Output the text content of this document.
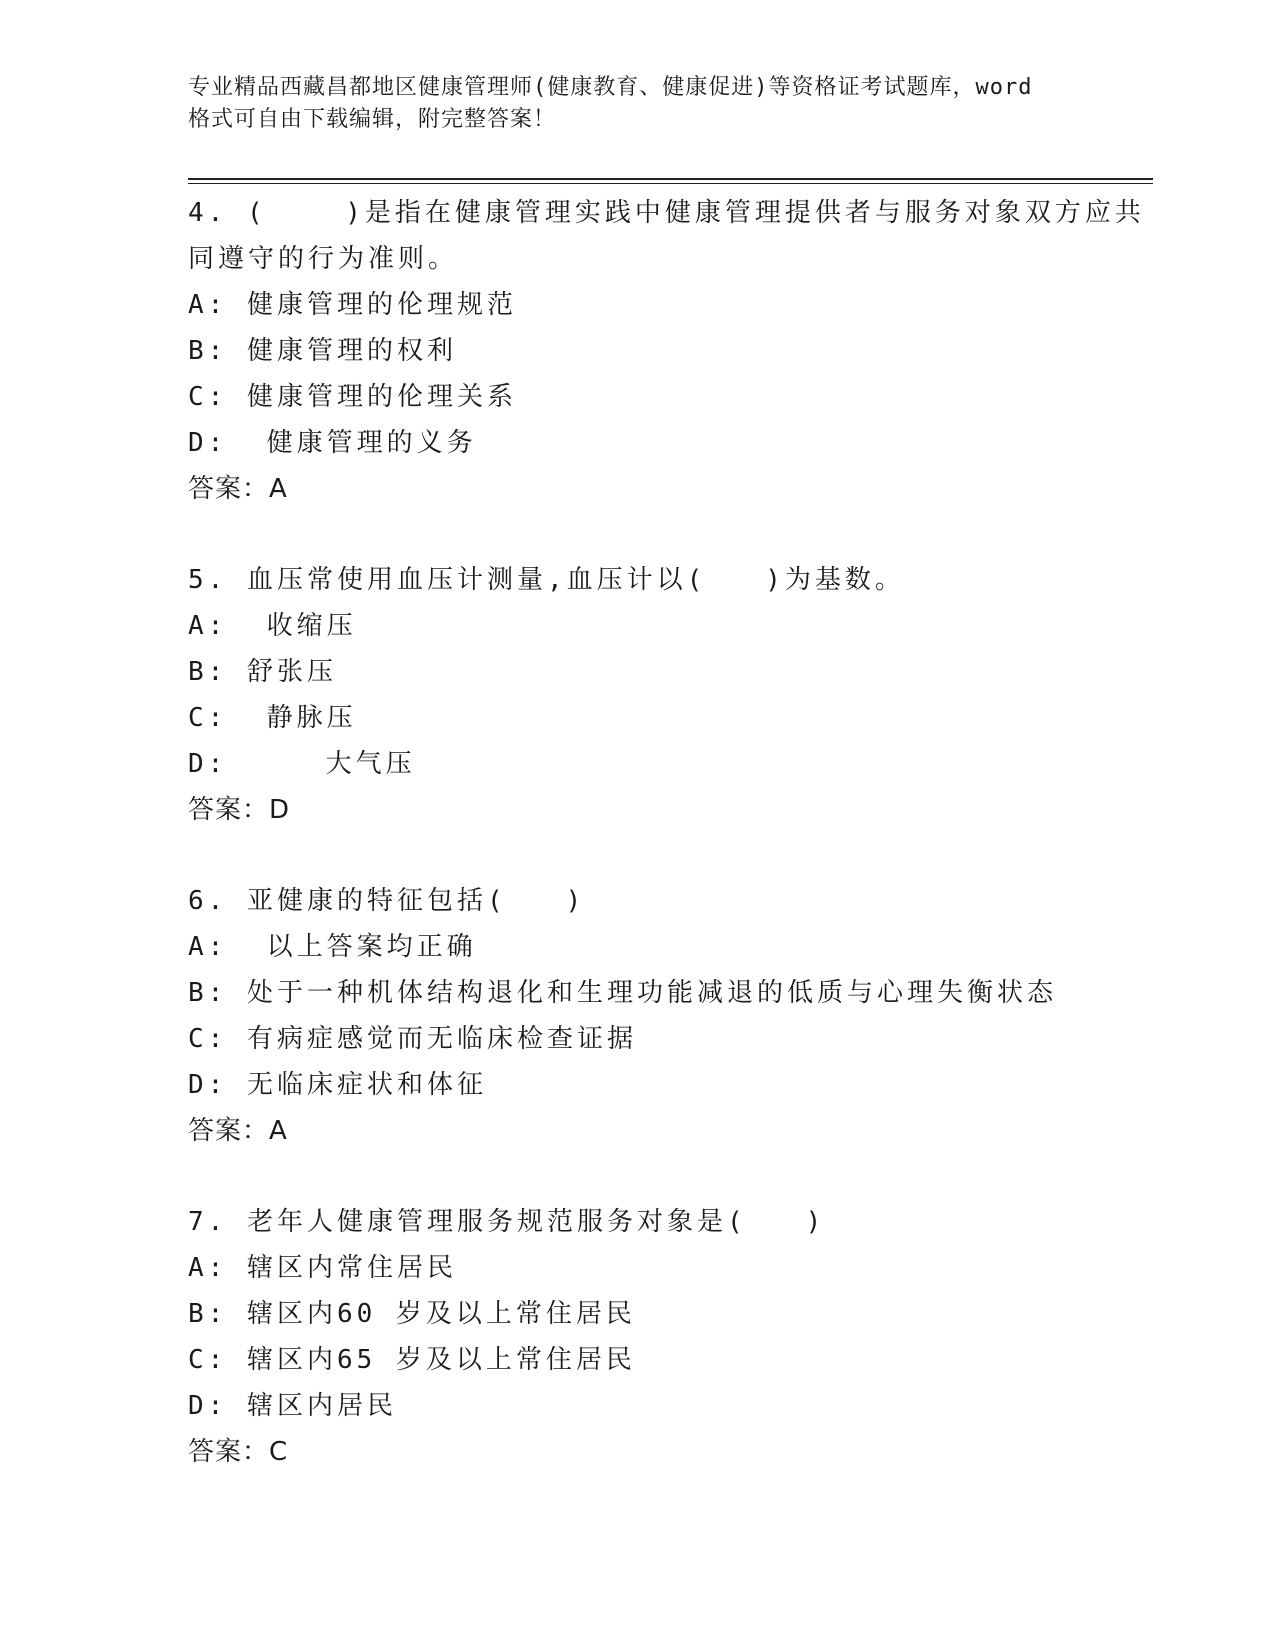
专业精品西藏昌都地区健康管理师(健康教育、健康促进)等资格证考试题库，word
格式可自由下载编辑，附完整答案！
4. (    )是指在健康管理实践中健康管理提供者与服务对象双方应共
同遵守的行为准则。
A: 健康管理的伦理规范
B: 健康管理的权利
C: 健康管理的伦理关系
D:  健康管理的义务
答案：A
5. 血压常使用血压计测量,血压计以(   )为基数。
A:  收缩压
B: 舒张压
C:  静脉压
D:     大气压
答案：D
6. 亚健康的特征包括(   )
A:  以上答案均正确
B: 处于一种机体结构退化和生理功能减退的低质与心理失衡状态
C: 有病症感觉而无临床检查证据
D: 无临床症状和体征
答案：A
7. 老年人健康管理服务规范服务对象是(   )
A: 辖区内常住居民
B: 辖区内60 岁及以上常住居民
C: 辖区内65 岁及以上常住居民
D: 辖区内居民
答案：C
